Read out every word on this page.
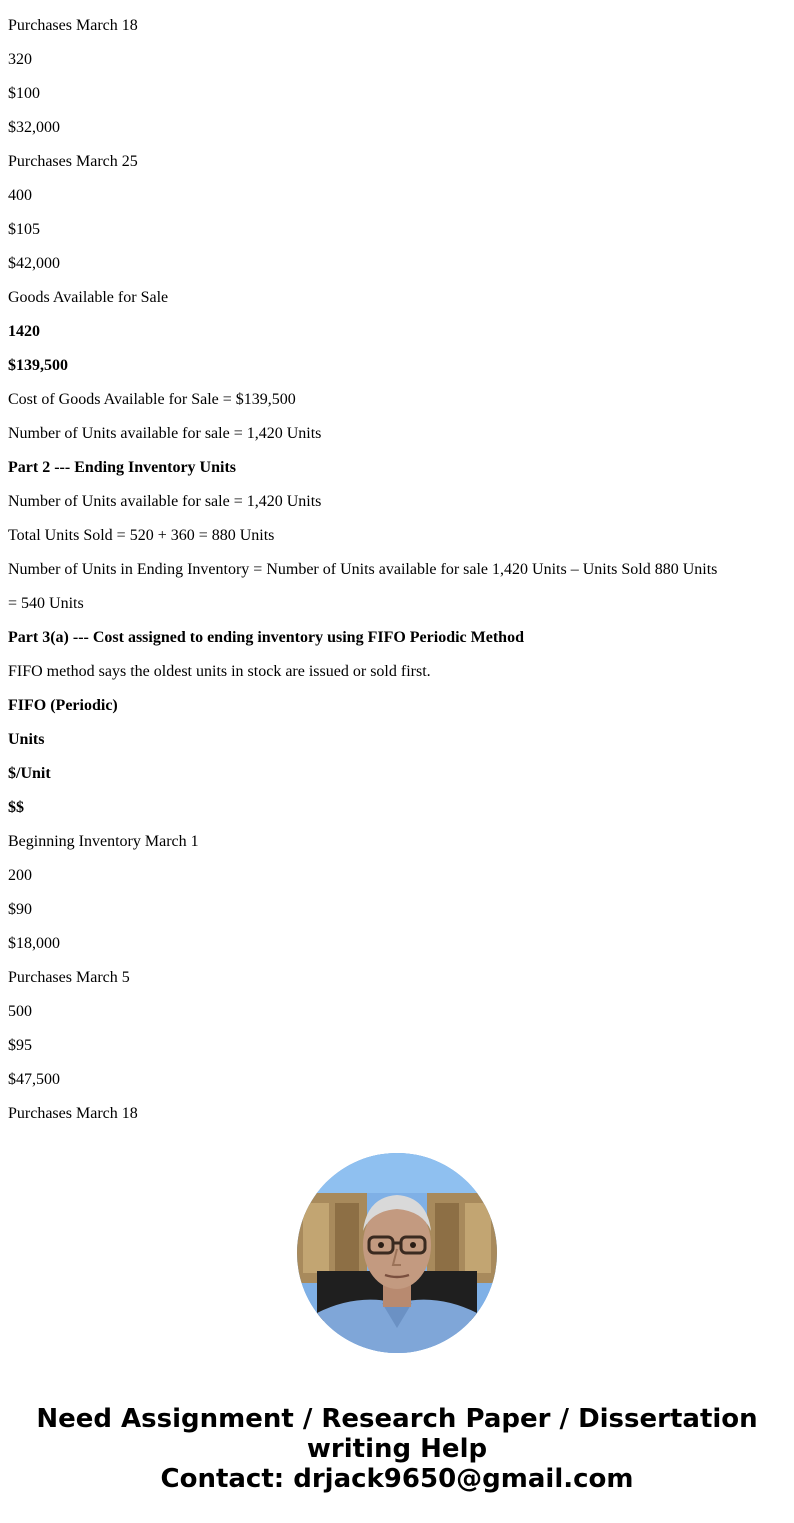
Purchases March 18

320

$100

$32,000

Purchases March 25

400

$105

$42,000

Goods Available for Sale

1420

$139,500

Cost of Goods Available for Sale = $139,500

Number of Units available for sale = 1,420 Units

Part 2 --- Ending Inventory Units

Number of Units available for sale = 1,420 Units

Total Units Sold = 520 + 360 = 880 Units

Number of Units in Ending Inventory = Number of Units available for sale 1,420 Units – Units Sold 880 Units

= 540 Units

Part 3(a) --- Cost assigned to ending inventory using FIFO Periodic Method

FIFO method says the oldest units in stock are issued or sold first.

FIFO (Periodic)

Units

$/Unit

$$

Beginning Inventory March 1

200

$90

$18,000

Purchases March 5

500

$95

$47,500

Purchases March 18

Need Assignment / Research Paper / Dissertation
writing Help
Contact: drjack9650@gmail.com
